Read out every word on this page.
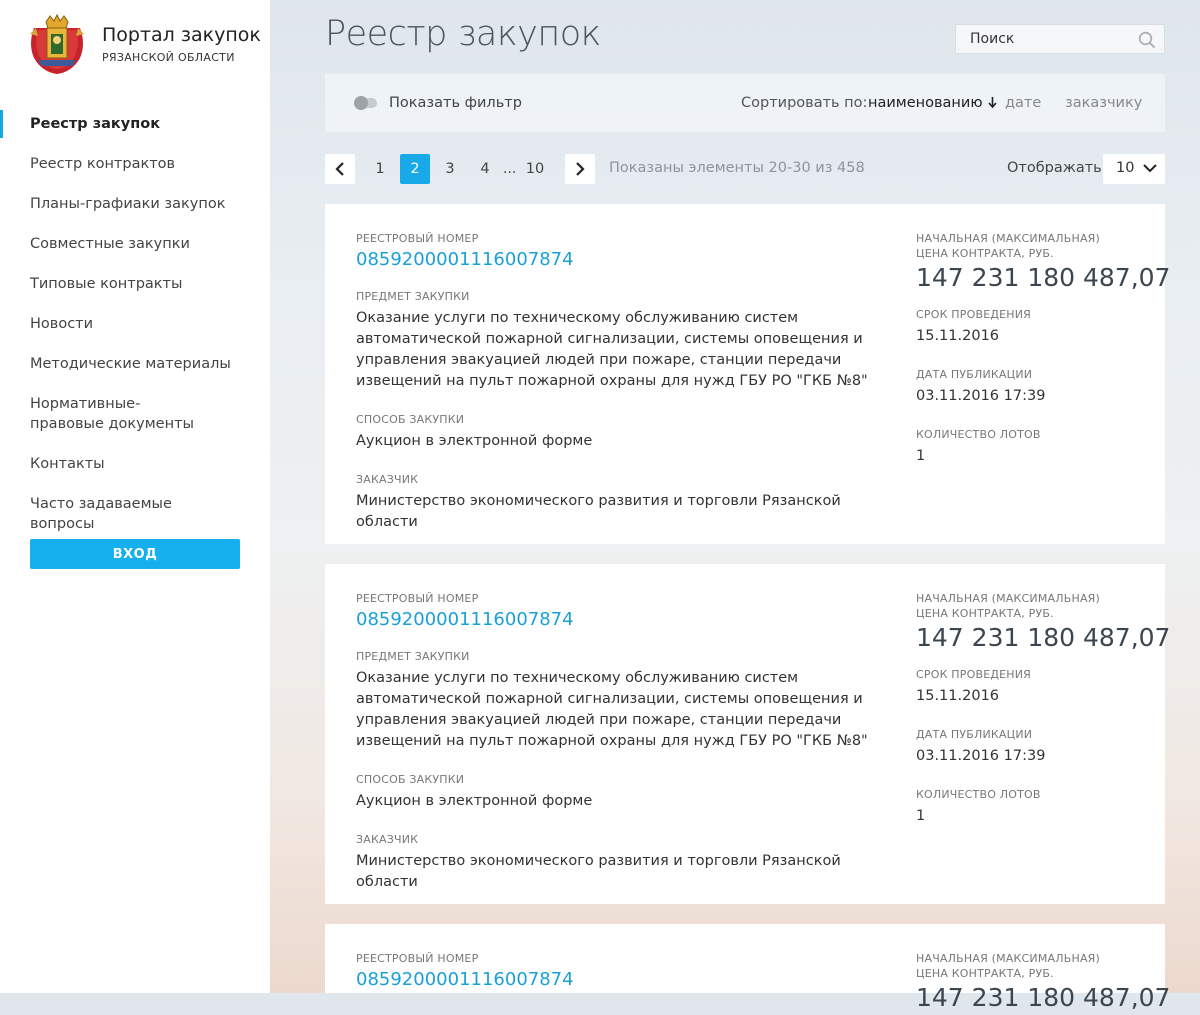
Портал закупок
РЯЗАНСКОЙ ОБЛАСТИ
Реестр закупок
Реестр контрактов
Планы-графиаки закупок
Совместные закупки
Типовые контракты
Новости
Методические материалы
Нормативные-правовые документы
Контакты
Часто задаваемые вопросы
ВХОД
Реестр закупок
Поиск
Показать фильтр	Сортировать по: наименованию	дате заказчику
1	2	3	4 ... 10	Показаны элементы 20-30 из 458	Отображать 10
РЕЕСТРОВЫЙ НОМЕР
0859200001116007874
ПРЕДМЕТ ЗАКУПКИ
Оказание услуги по техническому обслуживанию систем автоматической пожарной сигнализации, системы оповещения и управления эвакуацией людей при пожаре, станции передачи извещений на пульт пожарной охраны для нужд ГБУ РО "ГКБ №8"
СПОСОБ ЗАКУПКИ
Аукцион в электронной форме
ЗАКАЗЧИК
Министерство экономического развития и торговли Рязанской области
НАЧАЛЬНАЯ (МАКСИМАЛЬНАЯ)
ЦЕНА КОНТРАКТА, РУБ.
147 231 180 487,07
СРОК ПРОВЕДЕНИЯ
15.11.2016
ДАТА ПУБЛИКАЦИИ
03.11.2016 17:39
КОЛИЧЕСТВО ЛОТОВ
1
РЕЕСТРОВЫЙ НОМЕР
0859200001116007874
ПРЕДМЕТ ЗАКУПКИ
Оказание услуги по техническому обслуживанию систем автоматической пожарной сигнализации, системы оповещения и управления эвакуацией людей при пожаре, станции передачи извещений на пульт пожарной охраны для нужд ГБУ РО "ГКБ №8"
СПОСОБ ЗАКУПКИ
Аукцион в электронной форме
ЗАКАЗЧИК
Министерство экономического развития и торговли Рязанской области
НАЧАЛЬНАЯ (МАКСИМАЛЬНАЯ)
ЦЕНА КОНТРАКТА, РУБ.
147 231 180 487,07
СРОК ПРОВЕДЕНИЯ
15.11.2016
ДАТА ПУБЛИКАЦИИ
03.11.2016 17:39
КОЛИЧЕСТВО ЛОТОВ
1
РЕЕСТРОВЫЙ НОМЕР
0859200001116007874
НАЧАЛЬНАЯ (МАКСИМАЛЬНАЯ)
ЦЕНА КОНТРАКТА, РУБ.
147 231 180 487,07
